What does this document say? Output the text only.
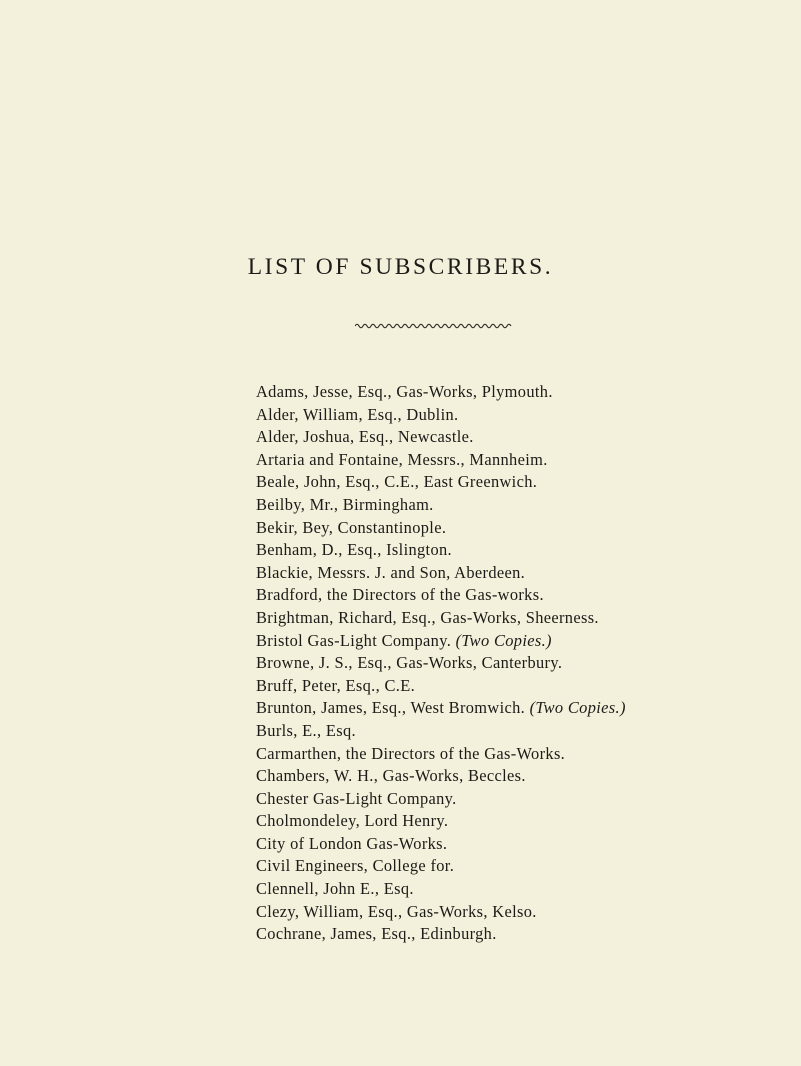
LIST OF SUBSCRIBERS.
Adams, Jesse, Esq., Gas-Works, Plymouth.
Alder, William, Esq., Dublin.
Alder, Joshua, Esq., Newcastle.
Artaria and Fontaine, Messrs., Mannheim.
Beale, John, Esq., C.E., East Greenwich.
Beilby, Mr., Birmingham.
Bekir, Bey, Constantinople.
Benham, D., Esq., Islington.
Blackie, Messrs. J. and Son, Aberdeen.
Bradford, the Directors of the Gas-works.
Brightman, Richard, Esq., Gas-Works, Sheerness.
Bristol Gas-Light Company. (Two Copies.)
Browne, J. S., Esq., Gas-Works, Canterbury.
Bruff, Peter, Esq., C.E.
Brunton, James, Esq., West Bromwich. (Two Copies.)
Burls, E., Esq.
Carmarthen, the Directors of the Gas-Works.
Chambers, W. H., Gas-Works, Beccles.
Chester Gas-Light Company.
Cholmondeley, Lord Henry.
City of London Gas-Works.
Civil Engineers, College for.
Clennell, John E., Esq.
Clezy, William, Esq., Gas-Works, Kelso.
Cochrane, James, Esq., Edinburgh.
